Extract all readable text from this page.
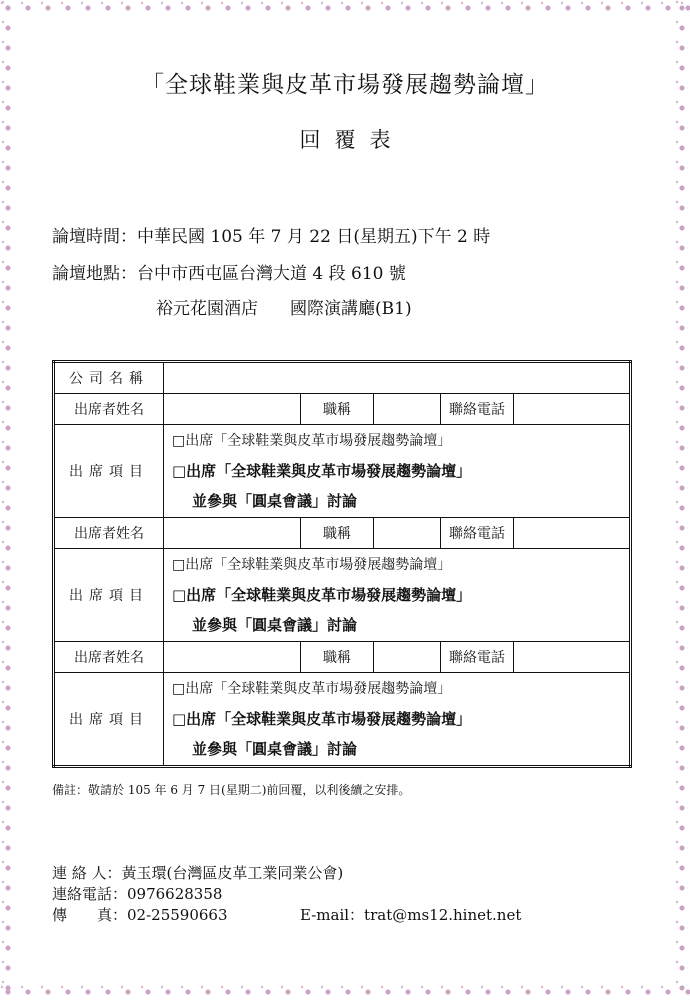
「全球鞋業與皮革市場發展趨勢論壇」
回覆表
論壇時間：中華民國 105 年 7 月 22 日(星期五)下午 2 時
論壇地點：台中市西屯區台灣大道 4 段 610 號
裕元花園酒店 國際演講廳(B1)
公司名稱					
出席者姓名		職稱		聯絡電話	
出席項目	□出席「全球鞋業與皮革市場發展趨勢論壇」
□出席「全球鞋業與皮革市場發展趨勢論壇」
並參與「圓桌會議」討論				

出席者姓名		職稱		聯絡電話	
出席項目	□出席「全球鞋業與皮革市場發展趨勢論壇」
□出席「全球鞋業與皮革市場發展趨勢論壇」
並參與「圓桌會議」討論				

出席者姓名		職稱		聯絡電話	
出席項目	□出席「全球鞋業與皮革市場發展趨勢論壇」
□出席「全球鞋業與皮革市場發展趨勢論壇」
並參與「圓桌會議」討論				
備註：敬請於 105 年 6 月 7 日(星期二)前回覆，以利後續之安排。
連 絡 人：黃玉環(台灣區皮革工業同業公會)
連絡電話：0976628358
傳　　真：02-25590663	E-mail：trat@ms12.hinet.net
